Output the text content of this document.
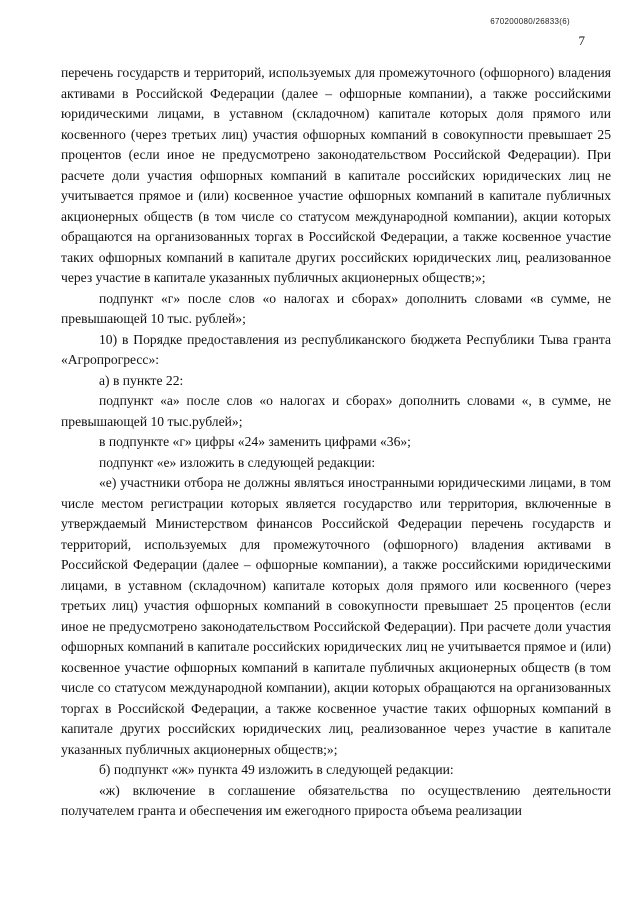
670200080/26833(6)
7

перечень государств и территорий, используемых для промежуточного (офшорного) владения активами в Российской Федерации (далее – офшорные компании), а также российскими юридическими лицами, в уставном (складочном) капитале которых доля прямого или косвенного (через третьих лиц) участия офшорных компаний в совокупности превышает 25 процентов (если иное не предусмотрено законодательством Российской Федерации). При расчете доли участия офшорных компаний в капитале российских юридических лиц не учитывается прямое и (или) косвенное участие офшорных компаний в капитале публичных акционерных обществ (в том числе со статусом международной компании), акции которых обращаются на организованных торгах в Российской Федерации, а также косвенное участие таких офшорных компаний в капитале других российских юридических лиц, реализованное через участие в капитале указанных публичных акционерных обществ;»;

подпункт «г» после слов «о налогах и сборах» дополнить словами «в сумме, не превышающей 10 тыс. рублей»;

10) в Порядке предоставления из республиканского бюджета Республики Тыва гранта «Агропрогресс»:

а) в пункте 22:

подпункт «а» после слов «о налогах и сборах» дополнить словами «, в сумме, не превышающей 10 тыс.рублей»;

в подпункте «г» цифры «24» заменить цифрами «36»;

подпункт «е» изложить в следующей редакции:

«е) участники отбора не должны являться иностранными юридическими лицами, в том числе местом регистрации которых является государство или территория, включенные в утверждаемый Министерством финансов Российской Федерации перечень государств и территорий, используемых для промежуточного (офшорного) владения активами в Российской Федерации (далее – офшорные компании), а также российскими юридическими лицами, в уставном (складочном) капитале которых доля прямого или косвенного (через третьих лиц) участия офшорных компаний в совокупности превышает 25 процентов (если иное не предусмотрено законодательством Российской Федерации). При расчете доли участия офшорных компаний в капитале российских юридических лиц не учитывается прямое и (или) косвенное участие офшорных компаний в капитале публичных акционерных обществ (в том числе со статусом международной компании), акции которых обращаются на организованных торгах в Российской Федерации, а также косвенное участие таких офшорных компаний в капитале других российских юридических лиц, реализованное через участие в капитале указанных публичных акционерных обществ;»;

б) подпункт «ж» пункта 49 изложить в следующей редакции:

«ж) включение в соглашение обязательства по осуществлению деятельности получателем гранта и обеспечения им ежегодного прироста объема реализации
